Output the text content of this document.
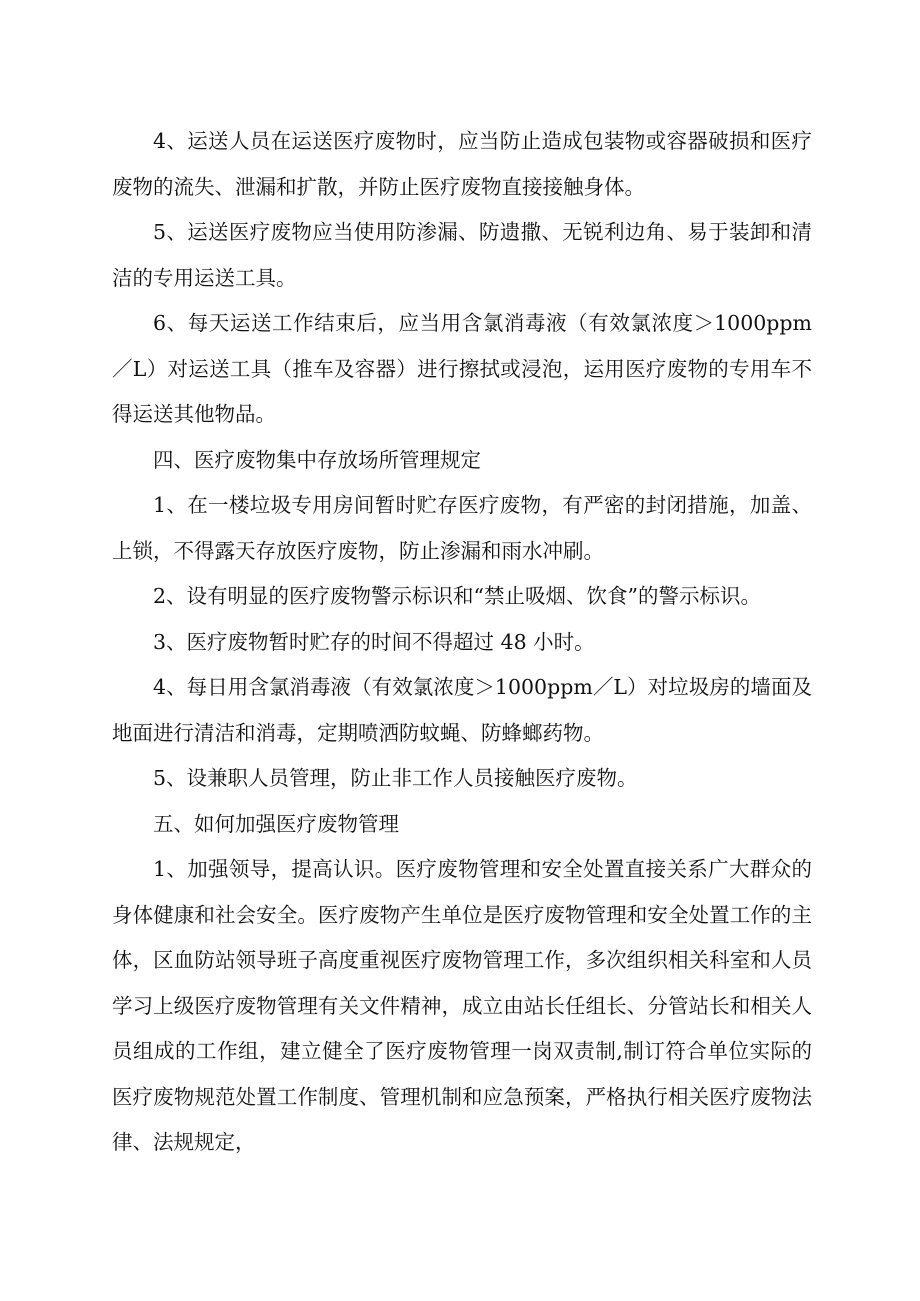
4、运送人员在运送医疗废物时，应当防止造成包装物或容器破损和医疗废物的流失、泄漏和扩散，并防止医疗废物直接接触身体。

5、运送医疗废物应当使用防渗漏、防遗撒、无锐利边角、易于装卸和清洁的专用运送工具。

6、每天运送工作结束后，应当用含氯消毒液（有效氯浓度＞1000ppm／L）对运送工具（推车及容器）进行擦拭或浸泡，运用医疗废物的专用车不得运送其他物品。

四、医疗废物集中存放场所管理规定

1、在一楼垃圾专用房间暂时贮存医疗废物，有严密的封闭措施，加盖、上锁，不得露天存放医疗废物，防止渗漏和雨水冲刷。

2、设有明显的医疗废物警示标识和“禁止吸烟、饮食”的警示标识。

3、医疗废物暂时贮存的时间不得超过 48 小时。

4、每日用含氯消毒液（有效氯浓度＞1000ppm／L）对垃圾房的墙面及地面进行清洁和消毒，定期喷洒防蚊蝇、防蜂螂药物。

5、设兼职人员管理，防止非工作人员接触医疗废物。

五、如何加强医疗废物管理

1、加强领导，提高认识。医疗废物管理和安全处置直接关系广大群众的身体健康和社会安全。医疗废物产生单位是医疗废物管理和安全处置工作的主体，区血防站领导班子高度重视医疗废物管理工作，多次组织相关科室和人员学习上级医疗废物管理有关文件精神，成立由站长任组长、分管站长和相关人员组成的工作组，建立健全了医疗废物管理一岗双责制,制订符合单位实际的医疗废物规范处置工作制度、管理机制和应急预案，严格执行相关医疗废物法律、法规规定，
